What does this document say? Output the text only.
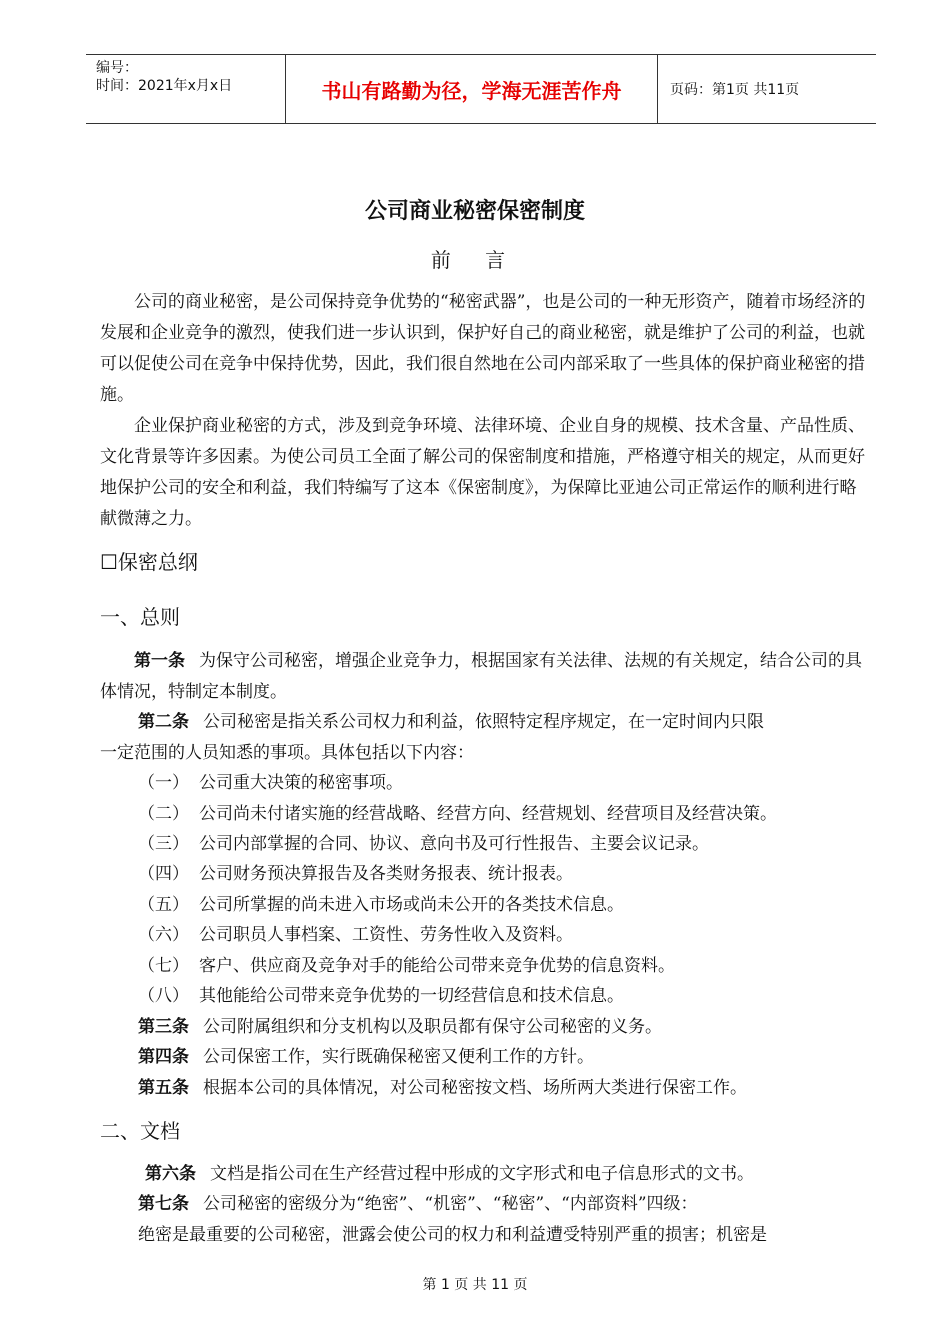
编号：
时间：2021年x月x日	书山有路勤为径，学海无涯苦作舟	页码：第1页 共11页
公司商业秘密保密制度
前 言
公司的商业秘密，是公司保持竞争优势的“秘密武器”，也是公司的一种无形资产，随着市场经济的发展和企业竞争的激烈，使我们进一步认识到，保护好自己的商业秘密，就是维护了公司的利益，也就可以促使公司在竞争中保持优势，因此，我们很自然地在公司内部采取了一些具体的保护商业秘密的措施。
企业保护商业秘密的方式，涉及到竞争环境、法律环境、企业自身的规模、技术含量、产品性质、文化背景等许多因素。为使公司员工全面了解公司的保密制度和措施，严格遵守相关的规定，从而更好地保护公司的安全和利益，我们特编写了这本《保密制度》，为保障比亚迪公司正常运作的顺利进行略献微薄之力。
☐保密总纲
一、总则
第一条 为保守公司秘密，增强企业竞争力，根据国家有关法律、法规的有关规定，结合公司的具体情况，特制定本制度。
第二条 公司秘密是指关系公司权力和利益，依照特定程序规定，在一定时间内只限
一定范围的人员知悉的事项。具体包括以下内容：
（一） 公司重大决策的秘密事项。
（二） 公司尚未付诸实施的经营战略、经营方向、经营规划、经营项目及经营决策。
（三） 公司内部掌握的合同、协议、意向书及可行性报告、主要会议记录。
（四） 公司财务预决算报告及各类财务报表、统计报表。
（五） 公司所掌握的尚未进入市场或尚未公开的各类技术信息。
（六） 公司职员人事档案、工资性、劳务性收入及资料。
（七） 客户、供应商及竞争对手的能给公司带来竞争优势的信息资料。
（八） 其他能给公司带来竞争优势的一切经营信息和技术信息。
第三条 公司附属组织和分支机构以及职员都有保守公司秘密的义务。
第四条 公司保密工作，实行既确保秘密又便利工作的方针。
第五条 根据本公司的具体情况，对公司秘密按文档、场所两大类进行保密工作。
二、文档
第六条 文档是指公司在生产经营过程中形成的文字形式和电子信息形式的文书。
第七条 公司秘密的密级分为“绝密”、“机密”、“秘密”、“内部资料”四级：
绝密是最重要的公司秘密，泄露会使公司的权力和利益遭受特别严重的损害；机密是
第 1 页 共 11 页
